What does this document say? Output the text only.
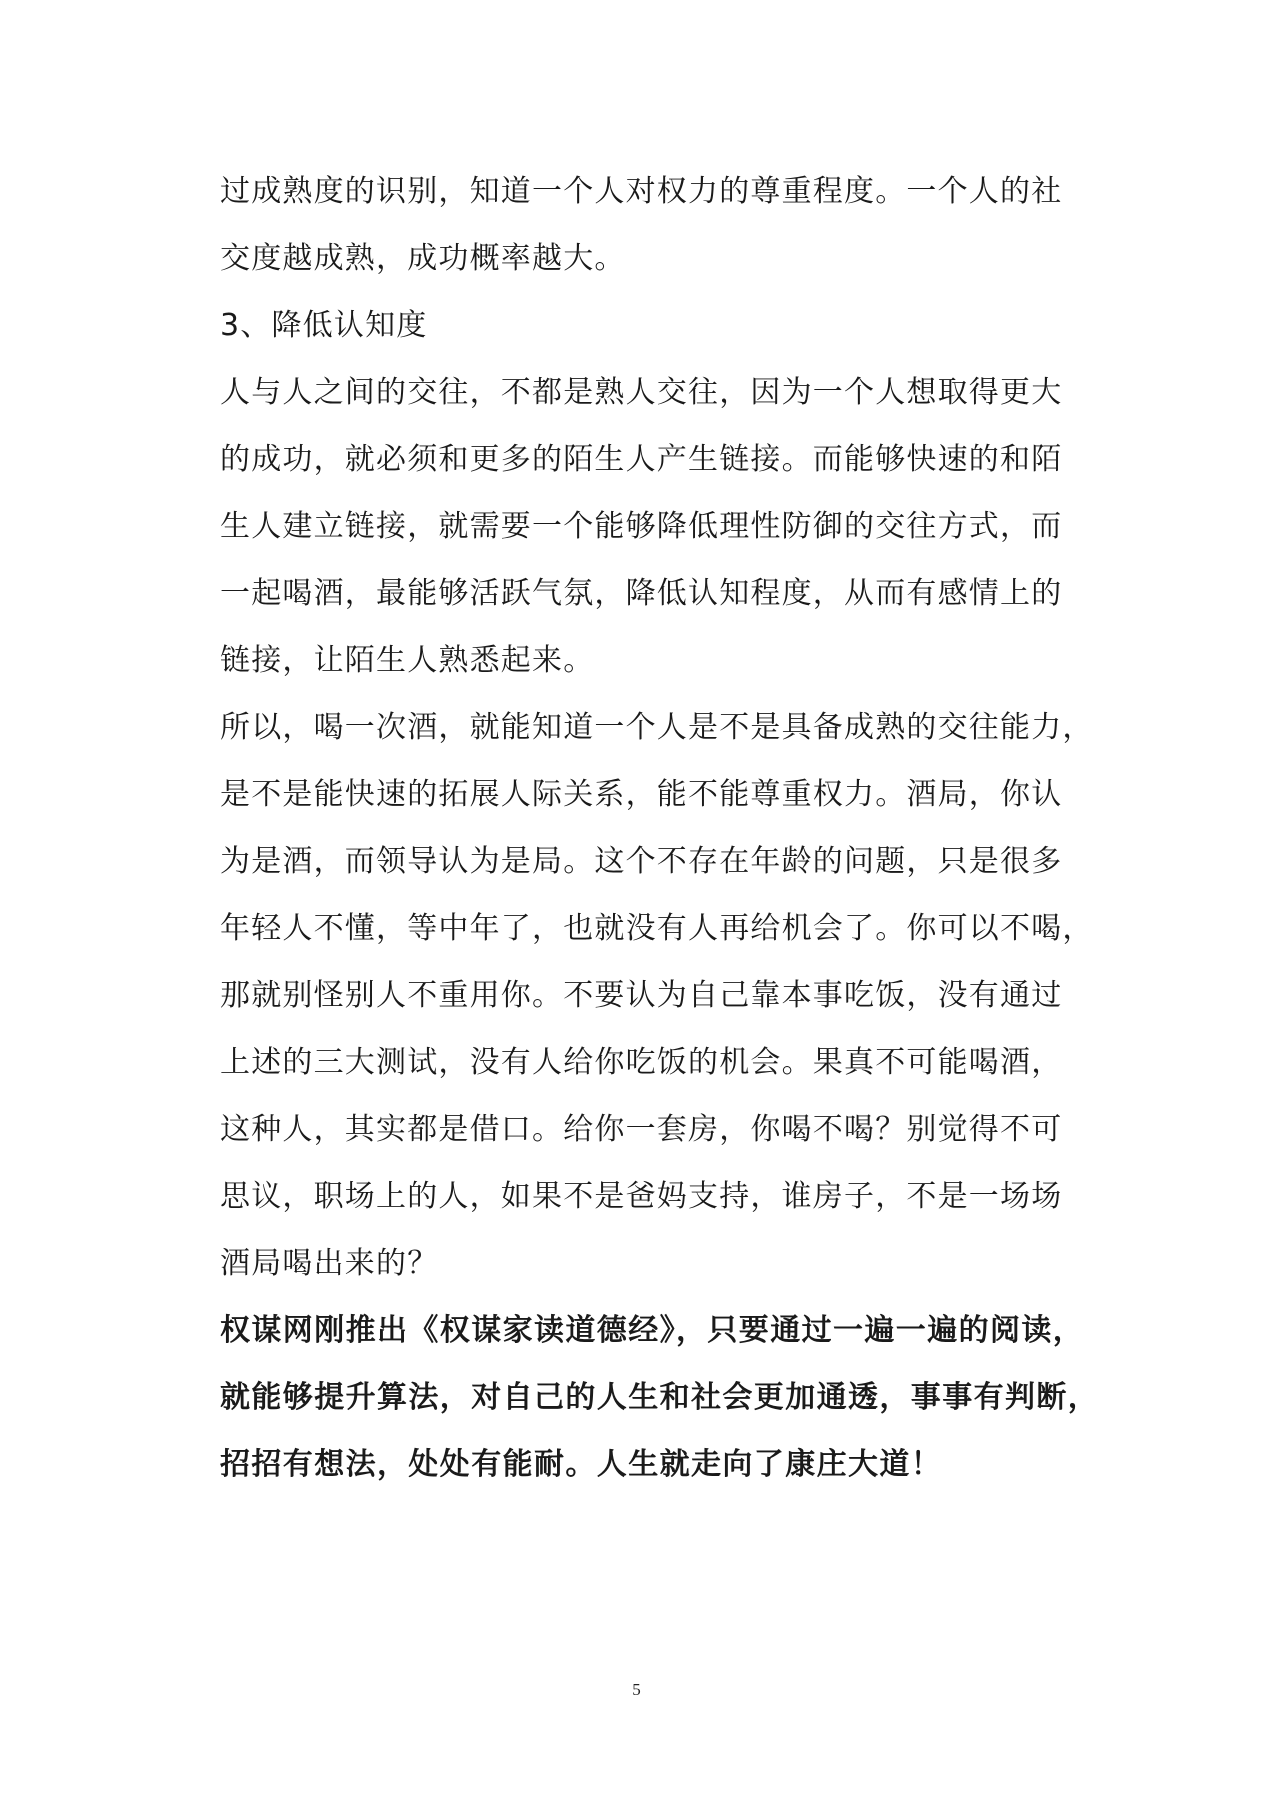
过成熟度的识别，知道一个人对权力的尊重程度。一个人的社
交度越成熟，成功概率越大。
3、降低认知度
人与人之间的交往，不都是熟人交往，因为一个人想取得更大
的成功，就必须和更多的陌生人产生链接。而能够快速的和陌
生人建立链接，就需要一个能够降低理性防御的交往方式，而
一起喝酒，最能够活跃气氛，降低认知程度，从而有感情上的
链接，让陌生人熟悉起来。
所以，喝一次酒，就能知道一个人是不是具备成熟的交往能力，
是不是能快速的拓展人际关系，能不能尊重权力。酒局，你认
为是酒，而领导认为是局。这个不存在年龄的问题，只是很多
年轻人不懂，等中年了，也就没有人再给机会了。你可以不喝，
那就别怪别人不重用你。不要认为自己靠本事吃饭，没有通过
上述的三大测试，没有人给你吃饭的机会。果真不可能喝酒，
这种人，其实都是借口。给你一套房，你喝不喝？别觉得不可
思议，职场上的人，如果不是爸妈支持，谁房子，不是一场场
酒局喝出来的？
权谋网刚推出《权谋家读道德经》，只要通过一遍一遍的阅读，
就能够提升算法，对自己的人生和社会更加通透，事事有判断，
招招有想法，处处有能耐。人生就走向了康庄大道！
5
